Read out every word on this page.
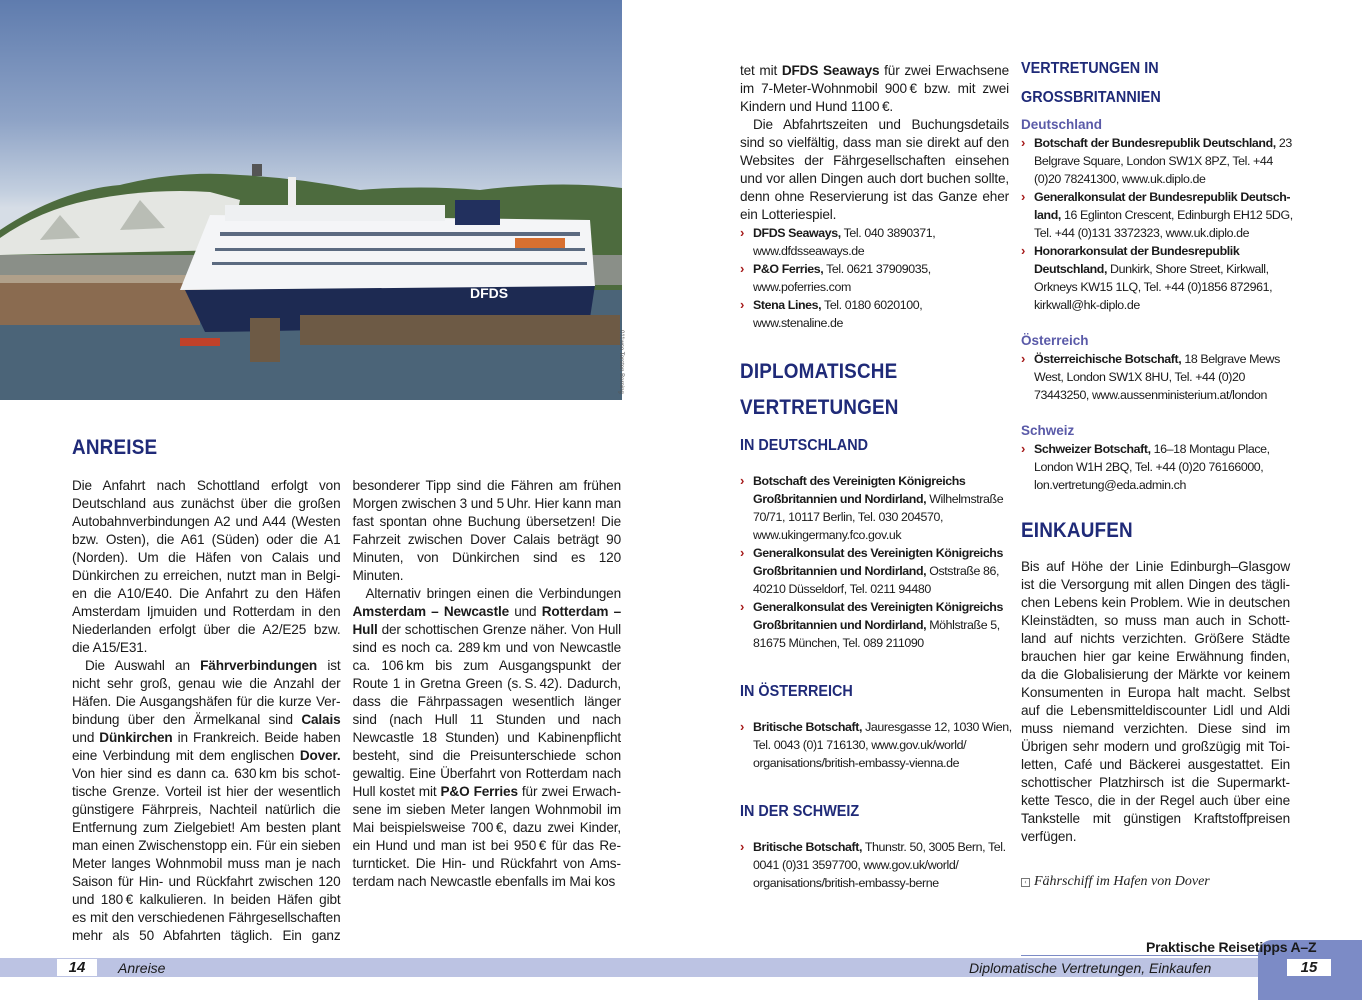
DFDS
011wso Torsten Berning
ANREISE

Die Anfahrt nach Schottland erfolgt von Deutschland aus zunächst über die großen Autobahnverbindungen A2 und A44 (Westen bzw. Osten), die A61 (Süden) oder die A1 (Norden). Um die Häfen von Calais und Dünkirchen zu erreichen, nutzt man in Belgien die A10/E40. Die Anfahrt zu den Häfen Amsterdam Ijmuiden und Rotterdam in den Niederlanden erfolgt über die A2/E25 bzw. die A15/E31.

Die Auswahl an Fährverbindungen ist nicht sehr groß, genau wie die Anzahl der Häfen. Die Ausgangshäfen für die kurze Verbindung über den Ärmelkanal sind Calais und Dünkirchen in Frankreich. Beide haben eine Verbindung mit dem englischen Dover. Von hier sind es dann ca. 630 km bis schottische Grenze. Vorteil ist hier der wesentlich günstigere Fährpreis, Nachteil natürlich die Entfernung zum Zielgebiet! Am besten plant man einen Zwischenstopp ein. Für ein sieben Meter langes Wohnmobil muss man je nach Saison für Hin- und Rückfahrt zwischen 120 und 180 € kalkulieren. In beiden Häfen gibt es mit den verschiedenen Fährgesellschaften mehr als 50 Abfahrten täglich. Ein ganz besonderer Tipp sind die Fähren am frühen Morgen zwischen 3 und 5 Uhr. Hier kann man fast spontan ohne Buchung übersetzen! Die Fahrzeit zwischen Dover Calais beträgt 90 Minuten, von Dünkirchen sind es 120 Minuten.

Alternativ bringen einen die Verbindungen Amsterdam – Newcastle und Rotterdam – Hull der schottischen Grenze näher. Von Hull sind es noch ca. 289 km und von Newcastle ca. 106 km bis zum Ausgangspunkt der Route 1 in Gretna Green (s. S. 42). Dadurch, dass die Fährpassagen wesentlich länger sind (nach Hull 11 Stunden und nach Newcastle 18 Stunden) und Kabinenpflicht besteht, sind die Preisunterschiede schon gewaltig. Eine Überfahrt von Rotterdam nach Hull kostet mit P&O Ferries für zwei Erwachsene im sieben Meter langen Wohnmobil im Mai beispielsweise 700 €, dazu zwei Kinder, ein Hund und man ist bei 950 € für das Returnticket. Die Hin- und Rückfahrt von Amsterdam nach Newcastle ebenfalls im Mai kos

tet mit DFDS Seaways für zwei Erwachsene im 7-Meter-Wohnmobil 900 € bzw. mit zwei Kindern und Hund 1100 €.

Die Abfahrtszeiten und Buchungsdetails sind so vielfältig, dass man sie direkt auf den Websites der Fährgesellschaften einsehen und vor allen Dingen auch dort buchen sollte, denn ohne Reservierung ist das Ganze eher ein Lotteriespiel.

› DFDS Seaways, Tel. 040 3890371, www.dfdsseaways.de
› P&O Ferries, Tel. 0621 37909035, www.poferries.com
› Stena Lines, Tel. 0180 6020100, www.stenaline.de
DIPLOMATISCHE
VERTRETUNGEN
IN DEUTSCHLAND
› Botschaft des Vereinigten Königreichs Großbritannien und Nordirland, Wilhelmstraße 70/71, 10117 Berlin, Tel. 030 204570, www.ukingermany.fco.gov.uk
› Generalkonsulat des Vereinigten Königreichs Großbritannien und Nordirland, Oststraße 86, 40210 Düsseldorf, Tel. 0211 94480
› Generalkonsulat des Vereinigten Königreichs Großbritannien und Nordirland, Möhlstraße 5, 81675 München, Tel. 089 211090
IN ÖSTERREICH
› Britische Botschaft, Jauresgasse 12, 1030 Wien, Tel. 0043 (0)1 716130, www.gov.uk/world/ organisations/british-embassy-vienna.de
IN DER SCHWEIZ
› Britische Botschaft, Thunstr. 50, 3005 Bern, Tel. 0041 (0)31 3597700, www.gov.uk/world/ organisations/british-embassy-berne
VERTRETUNGEN IN
GROSSBRITANNIEN
Deutschland
› Botschaft der Bundesrepublik Deutschland, 23 Belgrave Square, London SW1X 8PZ, Tel. +44 (0)20 78241300, www.uk.diplo.de
› Generalkonsulat der Bundesrepublik Deutschland, 16 Eglinton Crescent, Edinburgh EH12 5DG, Tel. +44 (0)131 3372323, www.uk.diplo.de
› Honorarkonsulat der Bundesrepublik Deutschland, Dunkirk, Shore Street, Kirkwall, Orkneys KW15 1LQ, Tel. +44 (0)1856 872961, kirkwall@hk-diplo.de
Österreich
› Österreichische Botschaft, 18 Belgrave Mews West, London SW1X 8HU, Tel. +44 (0)20 73443250, www.aussenministerium.at/london
Schweiz
› Schweizer Botschaft, 16–18 Montagu Place, London W1H 2BQ, Tel. +44 (0)20 76166000, lon.vertretung@eda.admin.ch
EINKAUFEN
Bis auf Höhe der Linie Edinburgh–Glasgow ist die Versorgung mit allen Dingen des täglichen Lebens kein Problem. Wie in deutschen Kleinstädten, so muss man auch in Schottland auf nichts verzichten. Größere Städte brauchen hier gar keine Erwähnung finden, da die Globalisierung der Märkte vor keinem Konsumenten in Europa halt macht. Selbst auf die Lebensmitteldiscounter Lidl und Aldi muss niemand verzichten. Diese sind im Übrigen sehr modern und großzügig mit Toiletten, Café und Bäckerei ausgestattet. Ein schottischer Platzhirsch ist die Supermarktkette Tesco, die in der Regel auch über eine Tankstelle mit günstigen Kraftstoffpreisen verfügen.
‹ Fährschiff im Hafen von Dover
Praktische Reisetipps A–Z
14	Anreise	Diplomatische Vertretungen, Einkaufen	15
